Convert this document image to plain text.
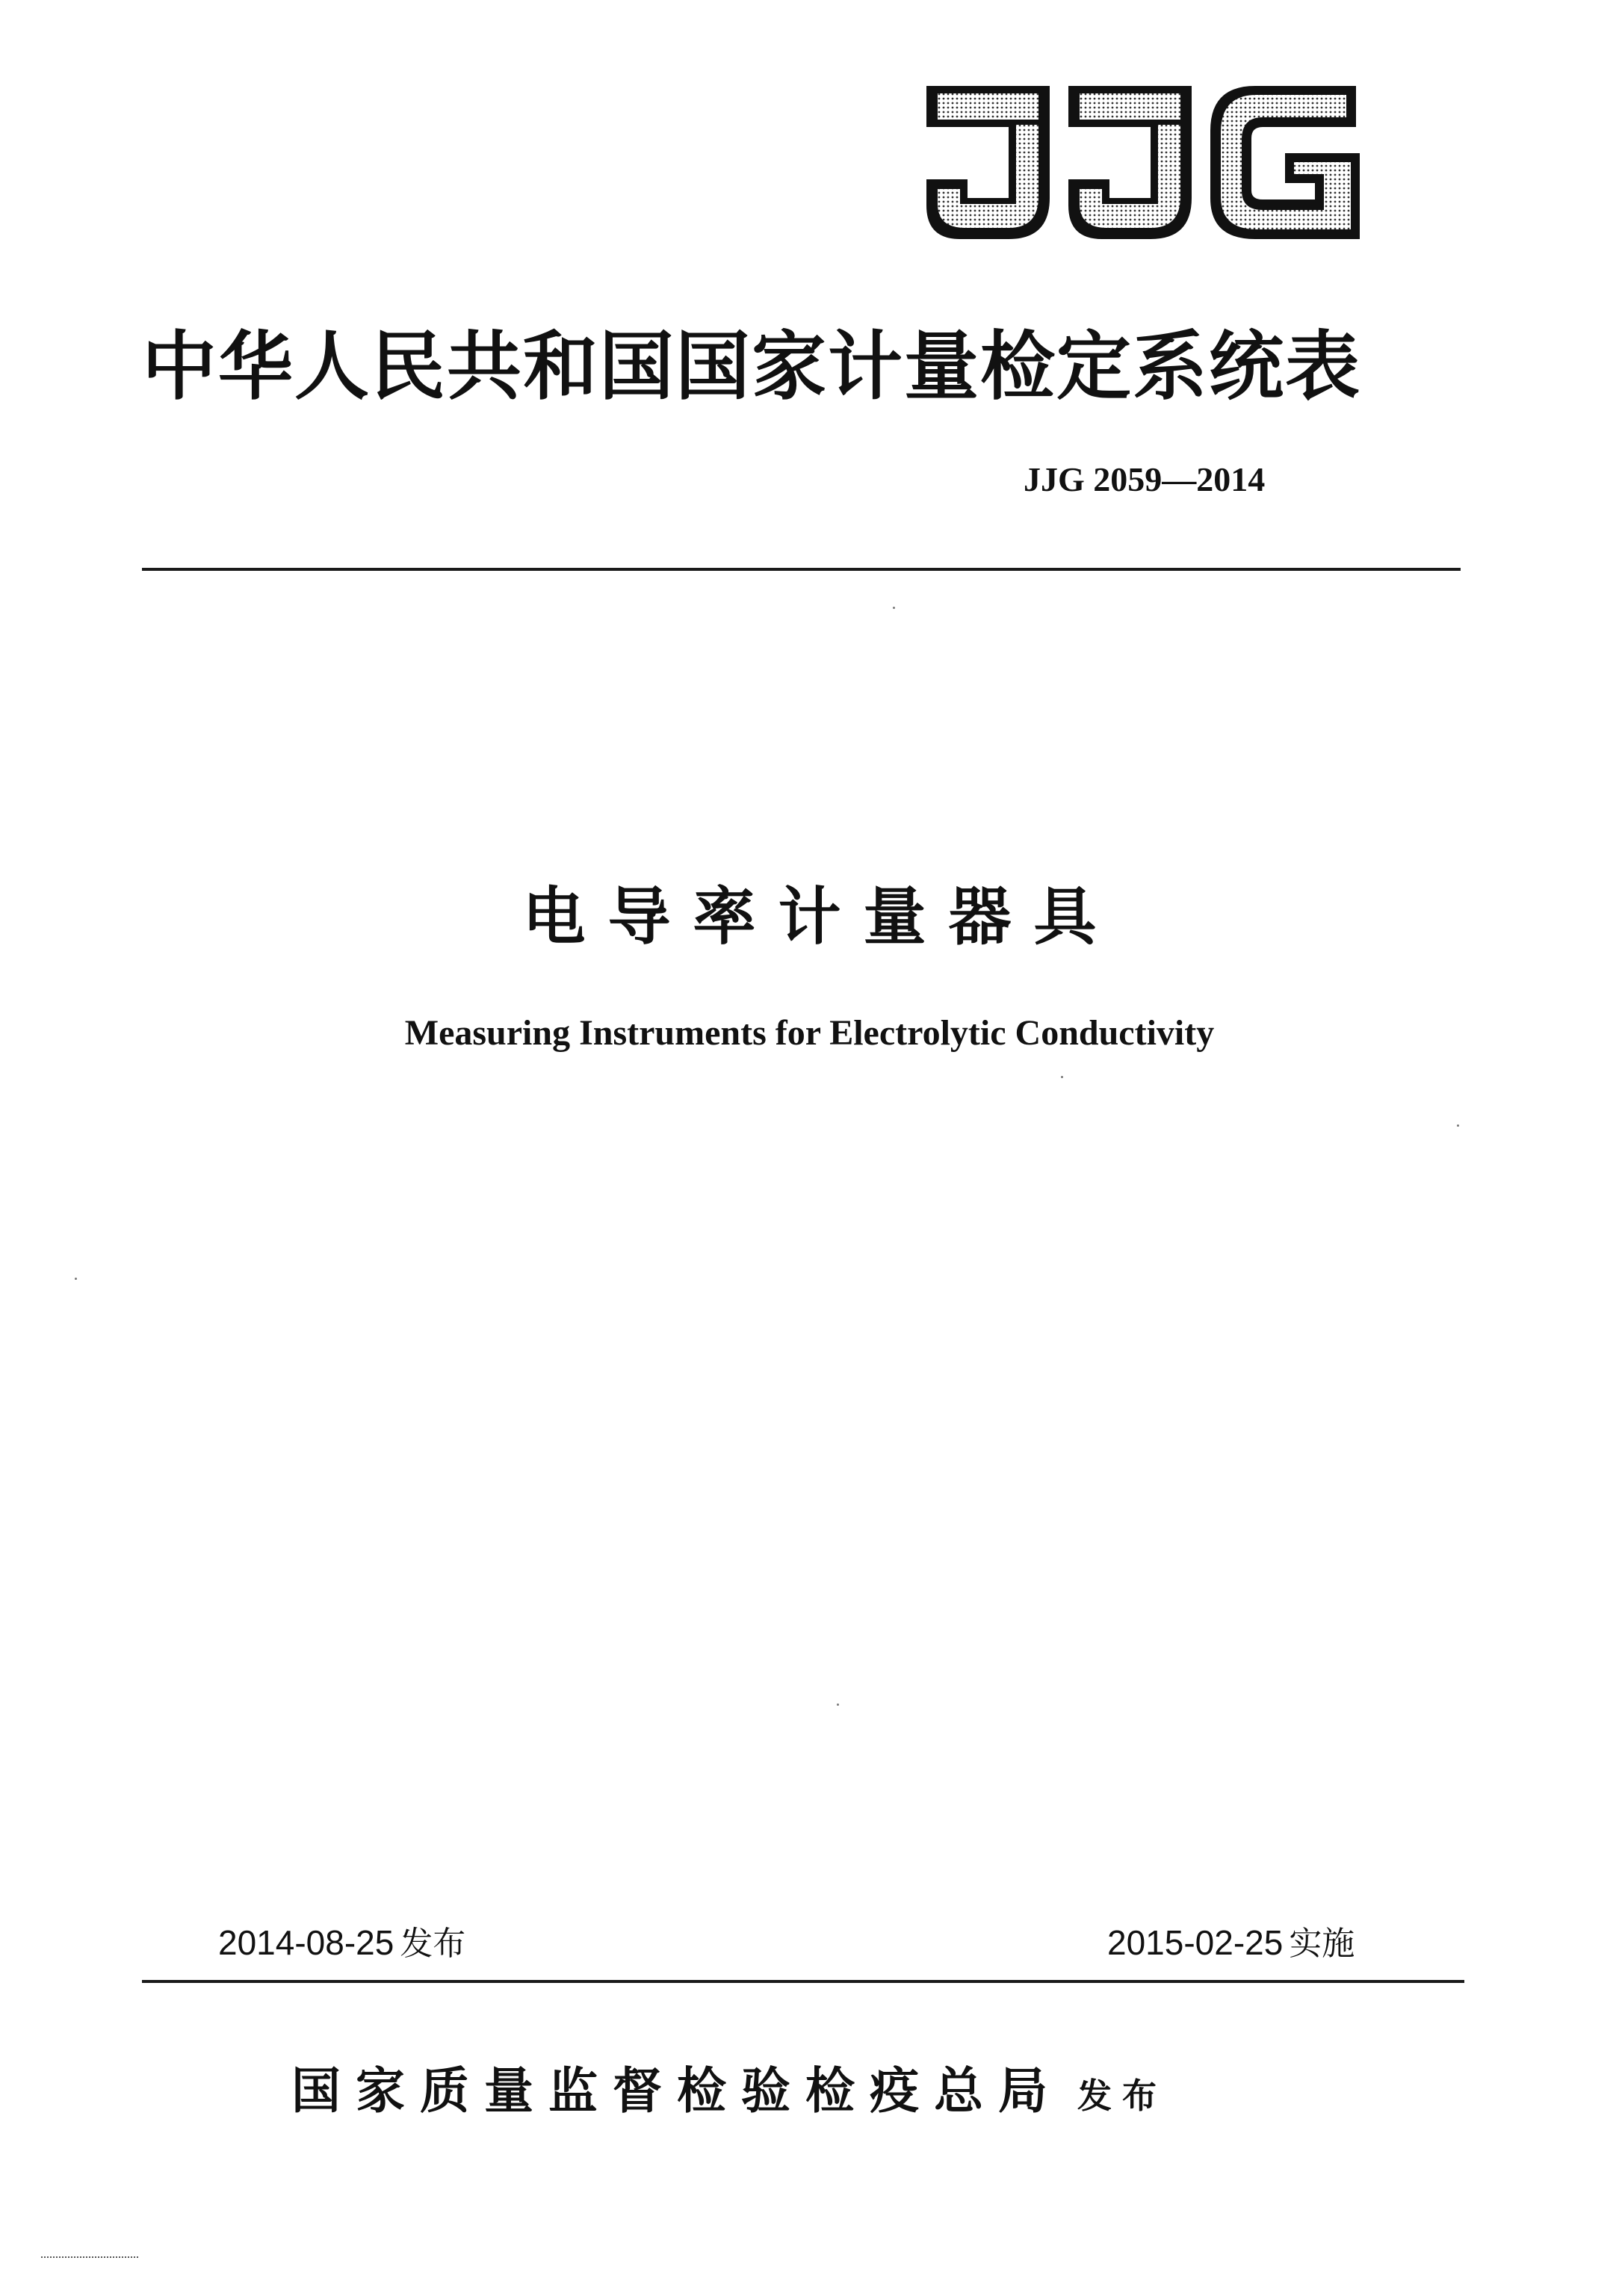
中华人民共和国国家计量检定系统表
JJG 2059—2014
电导率计量器具
Measuring Instruments for Electrolytic Conductivity
2014-08-25 发布	2015-02-25 实施
国家质量监督检验检疫总局 发布
